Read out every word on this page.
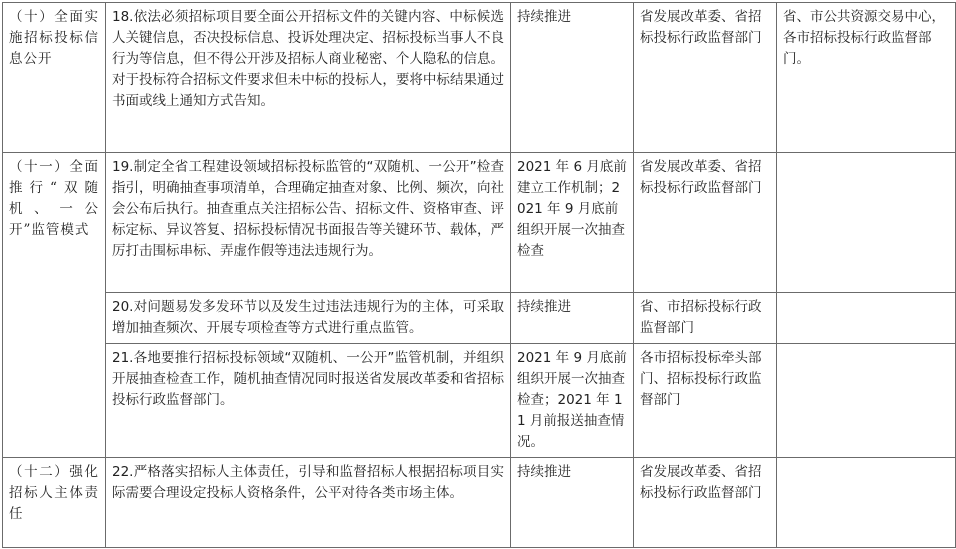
（十）全面实施招标投标信息公开	18.依法必须招标项目要全面公开招标文件的关键内容、中标候选人关键信息，否决投标信息、投诉处理决定、招标投标当事人不良行为等信息，但不得公开涉及招标人商业秘密、个人隐私的信息。对于投标符合招标文件要求但未中标的投标人，要将中标结果通过书面或线上通知方式告知。	持续推进	省发展改革委、省招标投标行政监督部门	省、市公共资源交易中心，各市招标投标行政监督部门。
（十一）全面推行“双随机、一公开”监管模式	19.制定全省工程建设领域招标投标监管的“双随机、一公开”检查指引，明确抽查事项清单，合理确定抽查对象、比例、频次，向社会公布后执行。抽查重点关注招标公告、招标文件、资格审查、评标定标、异议答复、招标投标情况书面报告等关键环节、载体，严厉打击围标串标、弄虚作假等违法违规行为。	2021 年 6 月底前建立工作机制；2021 年 9 月底前组织开展一次抽查检查	省发展改革委、省招标投标行政监督部门	
	20.对问题易发多发环节以及发生过违法违规行为的主体，可采取增加抽查频次、开展专项检查等方式进行重点监管。	持续推进	省、市招标投标行政监督部门	
	21.各地要推行招标投标领域“双随机、一公开”监管机制，并组织开展抽查检查工作，随机抽查情况同时报送省发展改革委和省招标投标行政监督部门。	2021 年 9 月底前组织开展一次抽查检查；2021 年 11 月前报送抽查情况。	各市招标投标牵头部门、招标投标行政监督部门	
（十二）强化招标人主体责任	22.严格落实招标人主体责任，引导和监督招标人根据招标项目实际需要合理设定投标人资格条件，公平对待各类市场主体。	持续推进	省发展改革委、省招标投标行政监督部门	
